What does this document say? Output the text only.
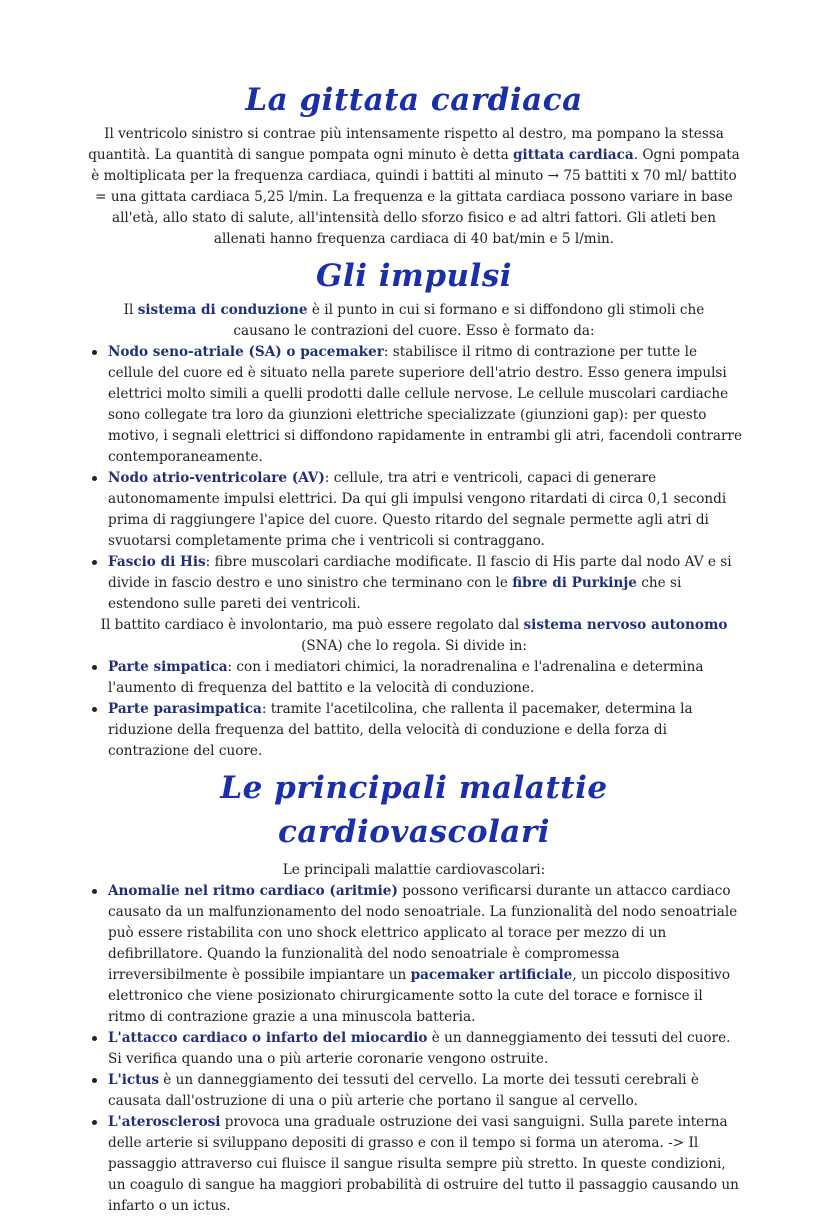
La gittata cardiaca

Il ventricolo sinistro si contrae più intensamente rispetto al destro, ma pompano la stessa quantità. La quantità di sangue pompata ogni minuto è detta gittata cardiaca. Ogni pompata è moltiplicata per la frequenza cardiaca, quindi i battiti al minuto → 75 battiti x 70 ml/ battito = una gittata cardiaca 5,25 l/min. La frequenza e la gittata cardiaca possono variare in base all'età, allo stato di salute, all'intensità dello sforzo fisico e ad altri fattori. Gli atleti ben allenati hanno frequenza cardiaca di 40 bat/min e 5 l/min.

Gli impulsi

Il sistema di conduzione è il punto in cui si formano e si diffondono gli stimoli che causano le contrazioni del cuore. Esso è formato da:

Nodo seno-atriale (SA) o pacemaker: stabilisce il ritmo di contrazione per tutte le cellule del cuore ed è situato nella parete superiore dell'atrio destro. Esso genera impulsi elettrici molto simili a quelli prodotti dalle cellule nervose. Le cellule muscolari cardiache sono collegate tra loro da giunzioni elettriche specializzate (giunzioni gap): per questo motivo, i segnali elettrici si diffondono rapidamente in entrambi gli atri, facendoli contrarre contemporaneamente.
Nodo atrio-ventricolare (AV): cellule, tra atri e ventricoli, capaci di generare autonomamente impulsi elettrici. Da qui gli impulsi vengono ritardati di circa 0,1 secondi prima di raggiungere l'apice del cuore. Questo ritardo del segnale permette agli atri di svuotarsi completamente prima che i ventricoli si contraggano.
Fascio di His: fibre muscolari cardiache modificate. Il fascio di His parte dal nodo AV e si divide in fascio destro e uno sinistro che terminano con le fibre di Purkinje che si estendono sulle pareti dei ventricoli.

Il battito cardiaco è involontario, ma può essere regolato dal sistema nervoso autonomo (SNA) che lo regola. Si divide in:

Parte simpatica: con i mediatori chimici, la noradrenalina e l'adrenalina e determina l'aumento di frequenza del battito e la velocità di conduzione.
Parte parasimpatica: tramite l'acetilcolina, che rallenta il pacemaker, determina la riduzione della frequenza del battito, della velocità di conduzione e della forza di contrazione del cuore.
Le principali malattie cardiovascolari

Le principali malattie cardiovascolari:

Anomalie nel ritmo cardiaco (aritmie) possono verificarsi durante un attacco cardiaco causato da un malfunzionamento del nodo senoatriale. La funzionalità del nodo senoatriale può essere ristabilita con uno shock elettrico applicato al torace per mezzo di un defibrillatore. Quando la funzionalità del nodo senoatriale è compromessa irreversibilmente è possibile impiantare un pacemaker artificiale, un piccolo dispositivo elettronico che viene posizionato chirurgicamente sotto la cute del torace e fornisce il ritmo di contrazione grazie a una minuscola batteria.
L'attacco cardiaco o infarto del miocardio è un danneggiamento dei tessuti del cuore. Si verifica quando una o più arterie coronarie vengono ostruite.
L'ictus è un danneggiamento dei tessuti del cervello. La morte dei tessuti cerebrali è causata dall'ostruzione di una o più arterie che portano il sangue al cervello.
L'aterosclerosi provoca una graduale ostruzione dei vasi sanguigni. Sulla parete interna delle arterie si sviluppano depositi di grasso e con il tempo si forma un ateroma. -> Il passaggio attraverso cui fluisce il sangue risulta sempre più stretto. In queste condizioni, un coagulo di sangue ha maggiori probabilità di ostruire del tutto il passaggio causando un infarto o un ictus.
